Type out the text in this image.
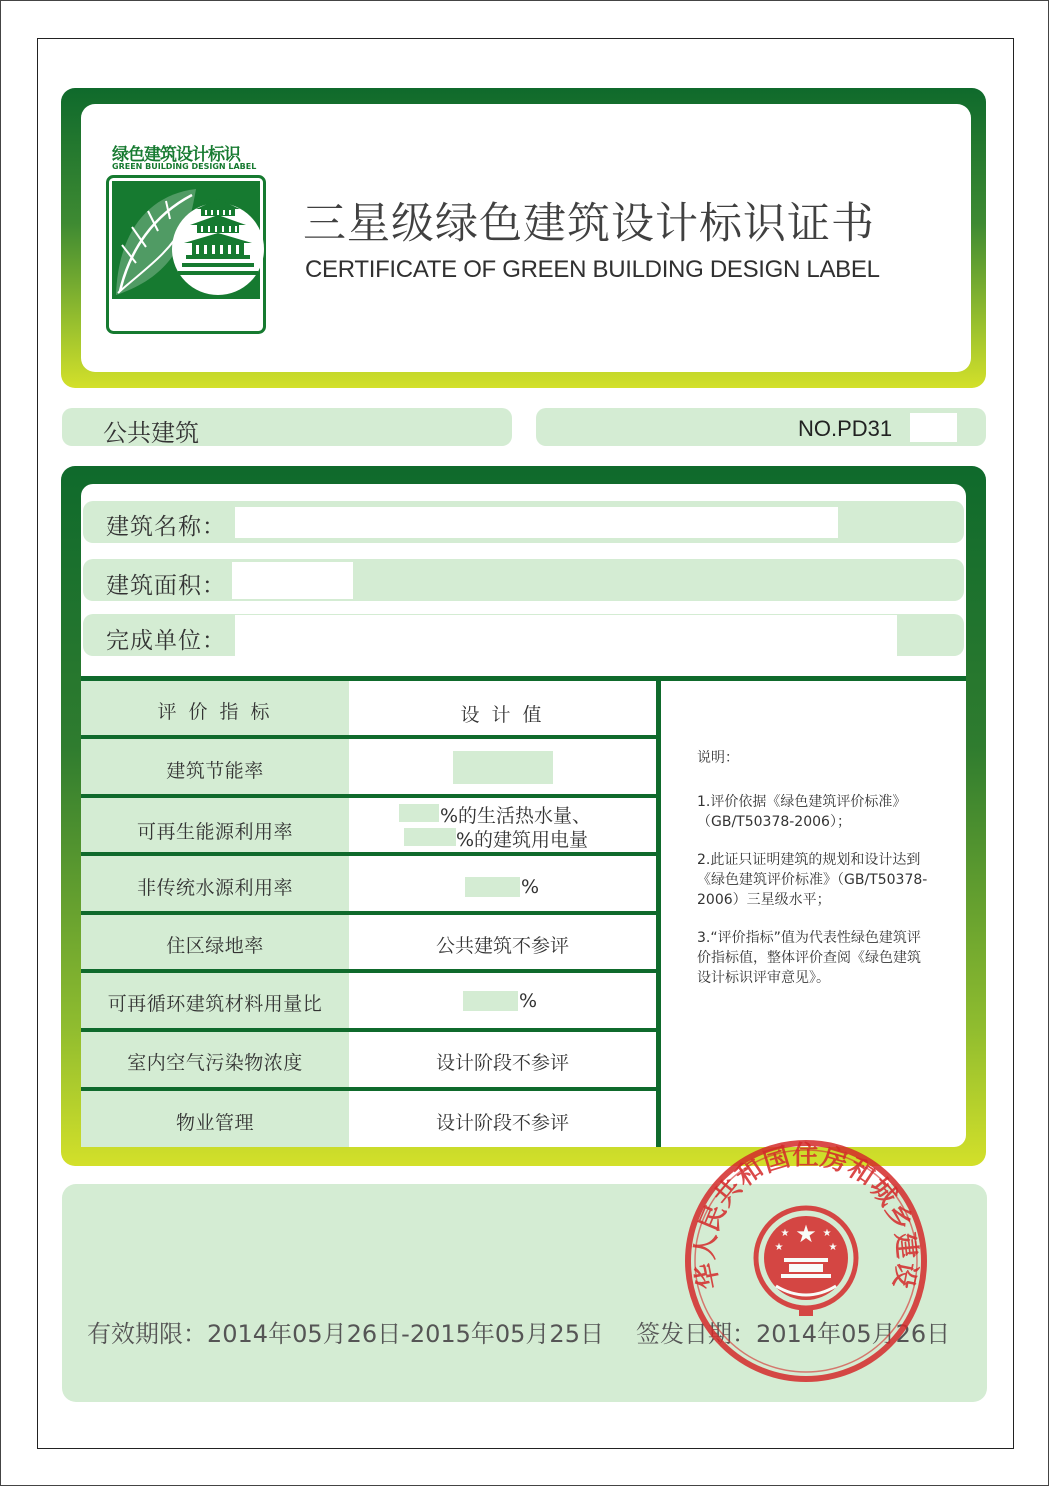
绿色建筑设计标识
GREEN BUILDING DESIGN LABEL
★ ★ ★
三星级绿色建筑设计标识证书
CERTIFICATE OF GREEN BUILDING DESIGN LABEL
公共建筑	NO.PD31
建筑名称：
建筑面积：
完成单位：
评 价 指 标	设 计 值
建筑节能率
可再生能源利用率
%的生活热水量、
%的建筑用电量
非传统水源利用率	%
住区绿地率	公共建筑不参评
可再循环建筑材料用量比	%
室内空气污染物浓度	设计阶段不参评
物业管理	设计阶段不参评

说明：

1.评价依据《绿色建筑评价标准》（GB/T50378-2006）；

2.此证只证明建筑的规划和设计达到《绿色建筑评价标准》（GB/T50378-2006）三星级水平；

3.“评价指标”值为代表性绿色建筑评价指标值，整体评价查阅《绿色建筑设计标识评审意见》。

有效期限：2014年05月26日-2015年05月25日 签发日期：2014年05月26日
华人民共和国住房和城乡建设
★
★	★
★	★
